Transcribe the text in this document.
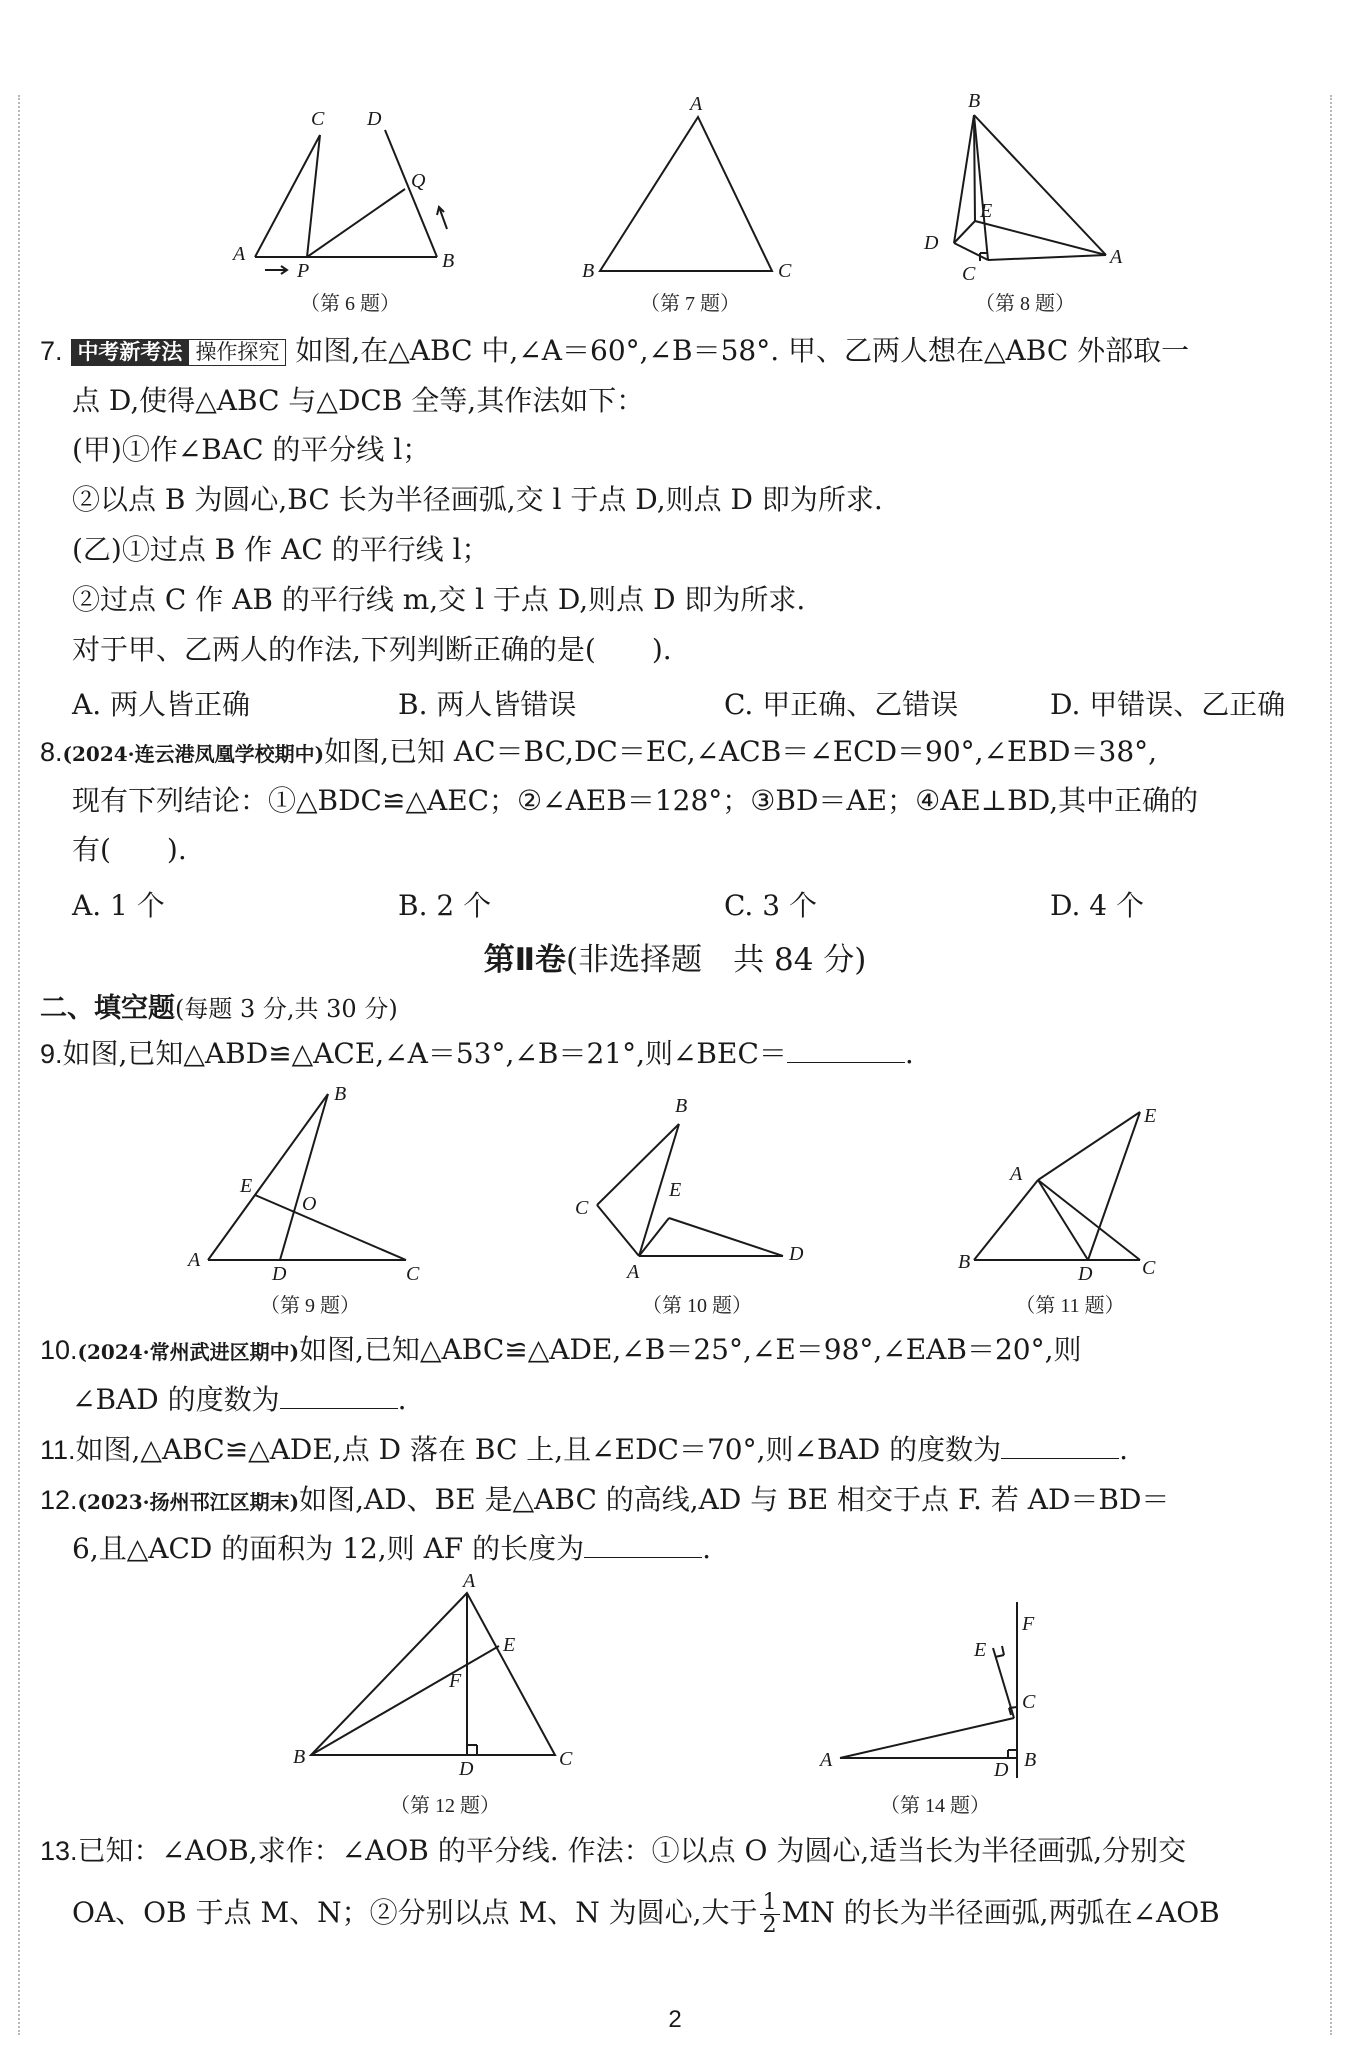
A	B
C D
P
Q
（第 6 题）
A
B	C
（第 7 题）
B
E
D
A
C
（第 8 题）
7. 中考新考法 操作探究 如图,在△ABC 中,∠A＝60°,∠B＝58°. 甲、乙两人想在△ABC 外部取一
点 D,使得△ABC 与△DCB 全等,其作法如下：
(甲)①作∠BAC 的平分线 l；
②以点 B 为圆心,BC 长为半径画弧,交 l 于点 D,则点 D 即为所求.
(乙)①过点 B 作 AC 的平行线 l；
②过点 C 作 AB 的平行线 m,交 l 于点 D,则点 D 即为所求.
对于甲、乙两人的作法,下列判断正确的是(　　).
A. 两人皆正确	B. 两人皆错误	C. 甲正确、乙错误	D. 甲错误、乙正确
8.(2024·连云港凤凰学校期中)如图,已知 AC＝BC,DC＝EC,∠ACB＝∠ECD＝90°,∠EBD＝38°,
现有下列结论：①△BDC≌△AEC；②∠AEB＝128°；③BD＝AE；④AE⊥BD,其中正确的
有(　　).
A. 1 个	B. 2 个	C. 3 个	D. 4 个
第Ⅱ卷(非选择题　共 84 分)
二、填空题(每题 3 分,共 30 分)
9.如图,已知△ABD≌△ACE,∠A＝53°,∠B＝21°,则∠BEC＝	.
B
E
O
A
D	C
（第 9 题）
B
E
C
A
D
（第 10 题）
E
A
B
D C
（第 11 题）
10.(2024·常州武进区期中)如图,已知△ABC≌△ADE,∠B＝25°,∠E＝98°,∠EAB＝20°,则
∠BAD 的度数为	.
11.如图,△ABC≌△ADE,点 D 落在 BC 上,且∠EDC＝70°,则∠BAD 的度数为	.
12.(2023·扬州邗江区期末)如图,AD、BE 是△ABC 的高线,AD 与 BE 相交于点 F. 若 AD＝BD＝
6,且△ACD 的面积为 12,则 AF 的长度为	.
A
E
F
B
D	C
（第 12 题）
F
E
C
A	D B
（第 14 题）
13.已知：∠AOB,求作：∠AOB 的平分线. 作法：①以点 O 为圆心,适当长为半径画弧,分别交
OA、OB 于点 M、N；②分别以点 M、N 为圆心,大于 $\frac{1}{2}$ MN 的长为半径画弧,两弧在∠AOB
2
